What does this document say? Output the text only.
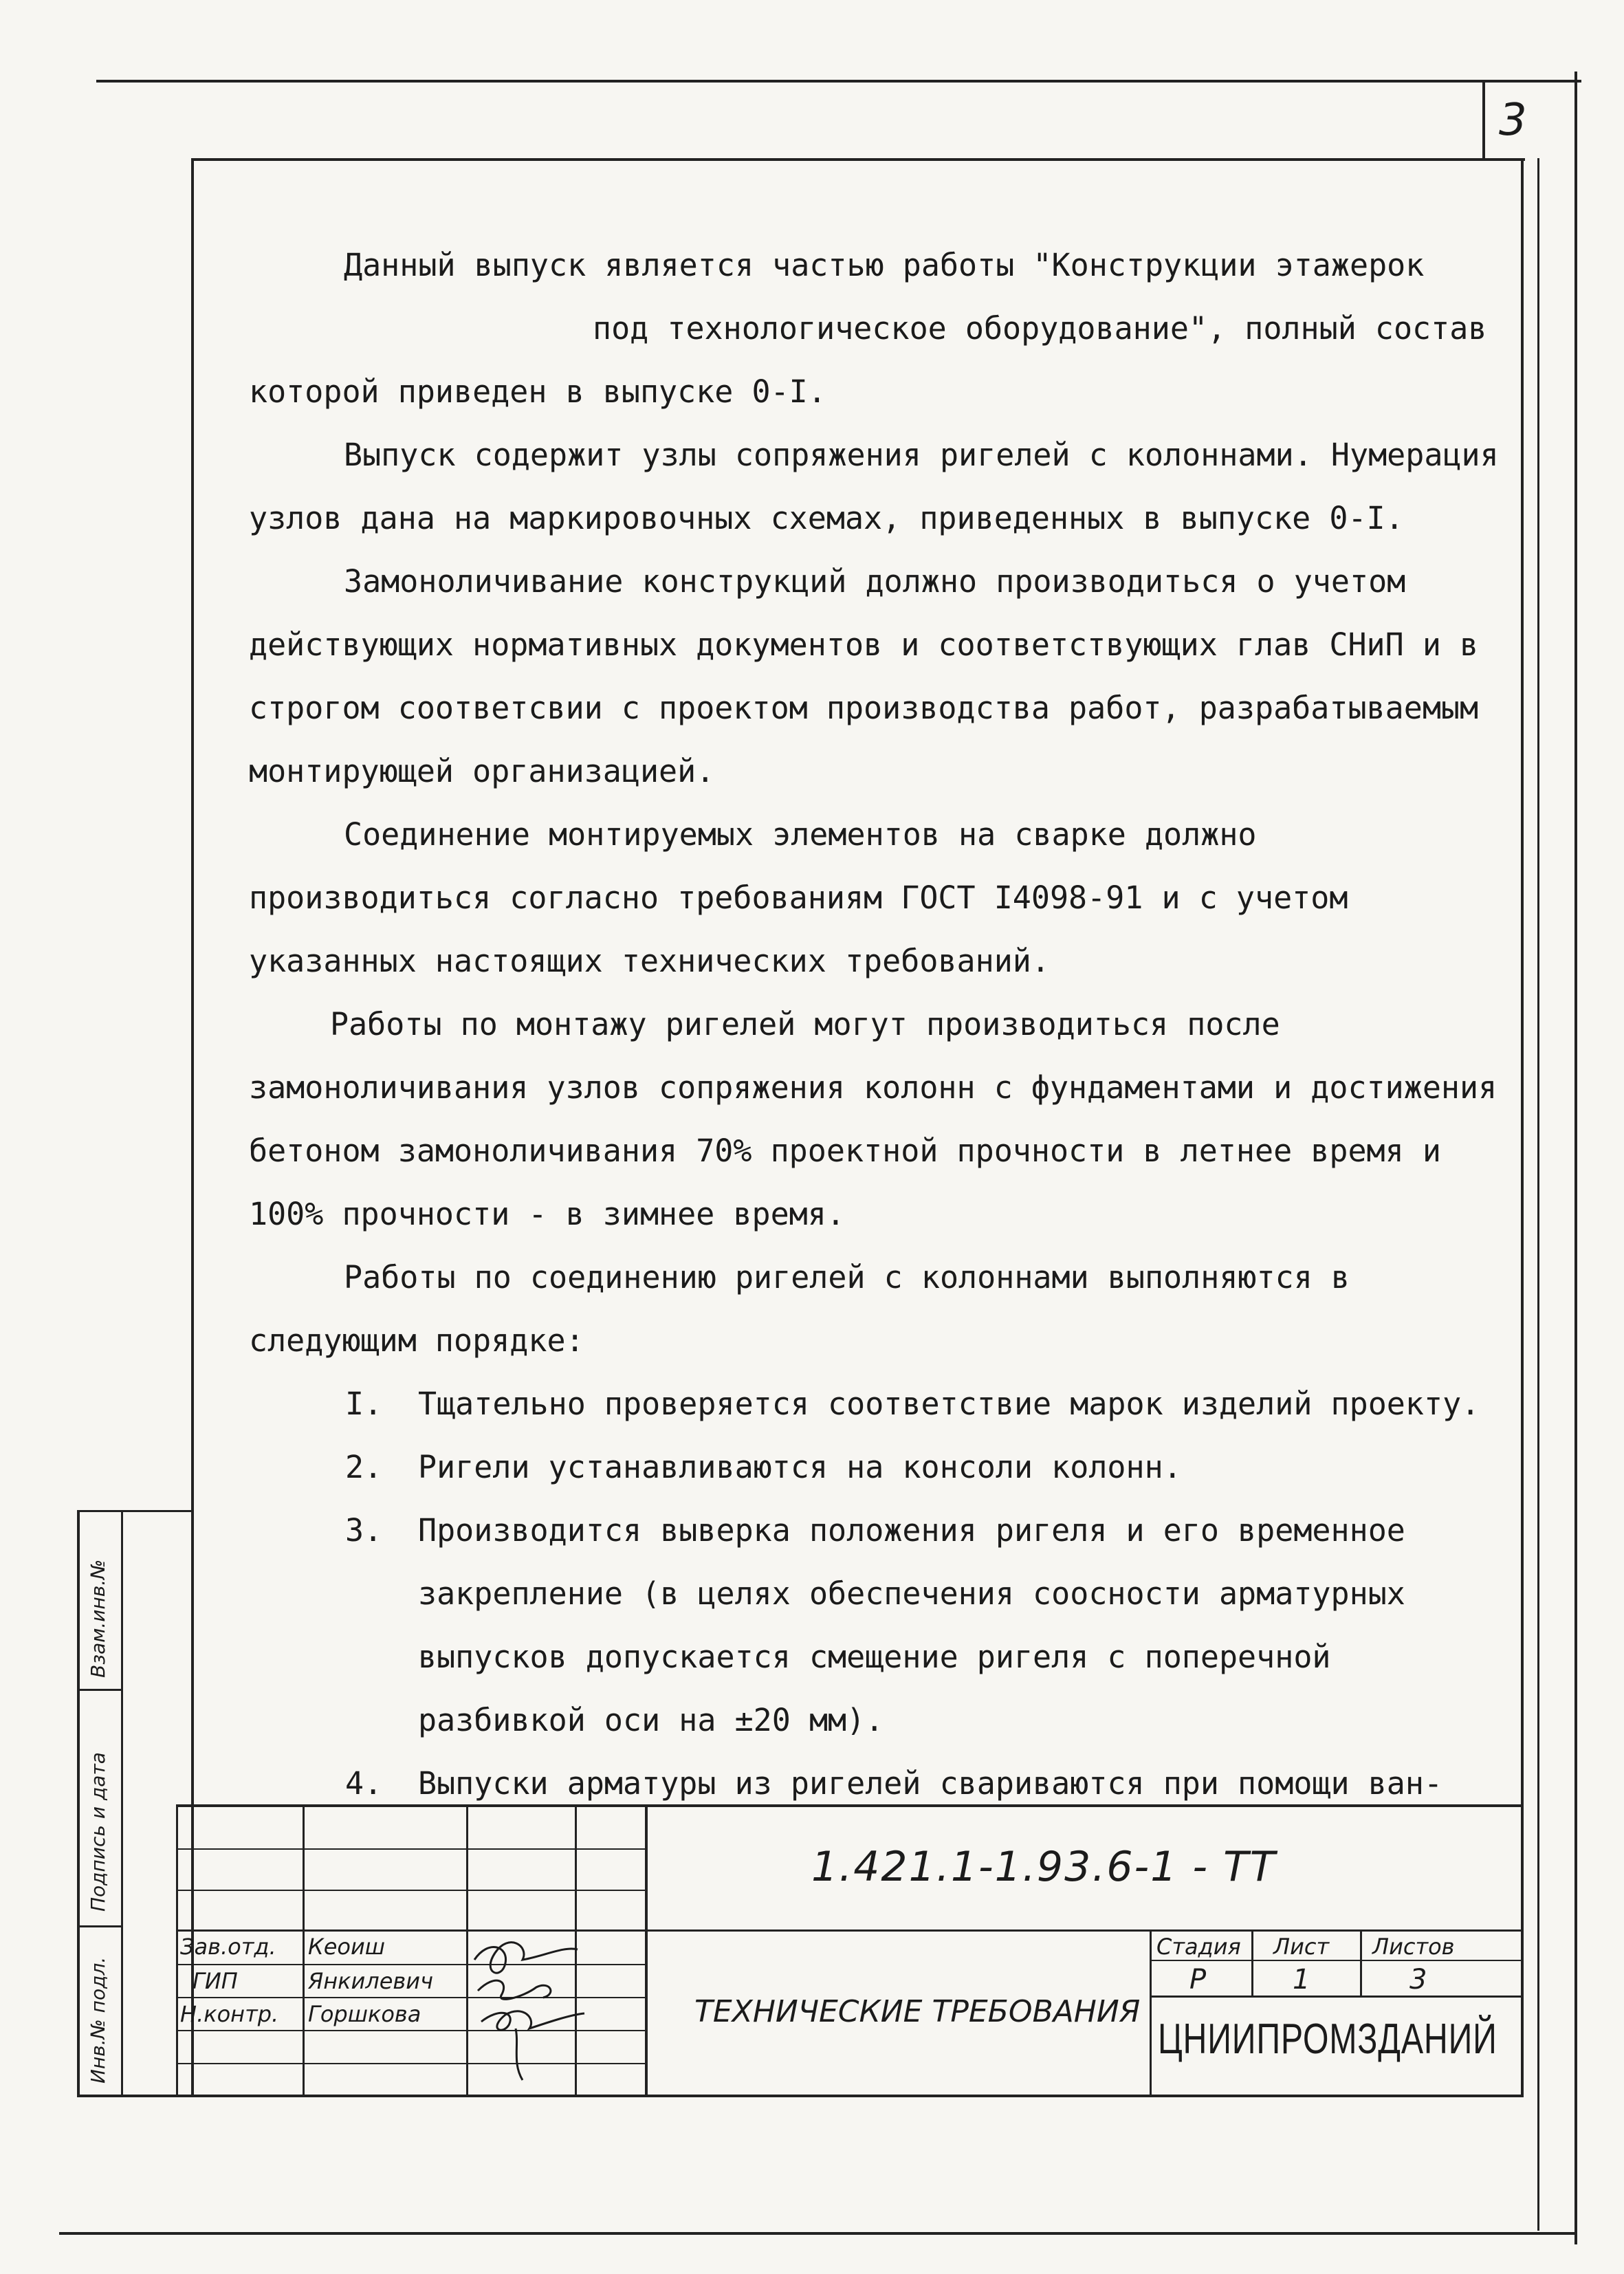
3

Данный выпуск является частью работы "Конструкции этажерок

под технологическое оборудование", полный состав

которой приведен в выпуске 0-I.

Выпуск содержит узлы сопряжения ригелей с колоннами. Нумерация узлов дана на маркировочных схемах, приведенных в выпуске 0-I.

Замоноличивание конструкций должно производиться о учетом действующих нормативных документов и соответствующих глав СНиП и в строгом соответсвии с проектом производства работ, разрабатываемым монтирующей организацией.

Соединение монтируемых элементов на сварке должно производиться согласно требованиям ГОСТ I4098-91 и с учетом указанных настоящих технических требований.

Работы по монтажу ригелей могут производиться после замоноличивания узлов сопряжения колонн с фундаментами и достижения бетоном замоноличивания 70% проектной прочности в летнее время и 100% прочности - в зимнее время.

Работы по соединению ригелей с колоннами выполняются в следующим порядке:

I. Тщательно проверяется соответствие марок изделий проекту.
2. Ригели устанавливаются на консоли колонн.
3. Производится выверка положения ригеля и его временное закрепление (в целях обеспечения соосности арматурных выпусков допускается смещение ригеля с поперечной разбивкой оси на ±20 мм).
4. Выпуски арматуры из ригелей свариваются при помощи ван-
Взам.инв.№
Подпись и дата
Инв.№ подл.
1.421.1-1.93.6-1 - ТТ
ТЕХНИЧЕСКИЕ ТРЕБОВАНИЯ
Стадия Лист Листов
Р	1	3
ЦНИИПРОМЗДАНИЙ
Зав.отд. Кеоиш
ГИП	Янкилевич
Н.контр. Горшкова
